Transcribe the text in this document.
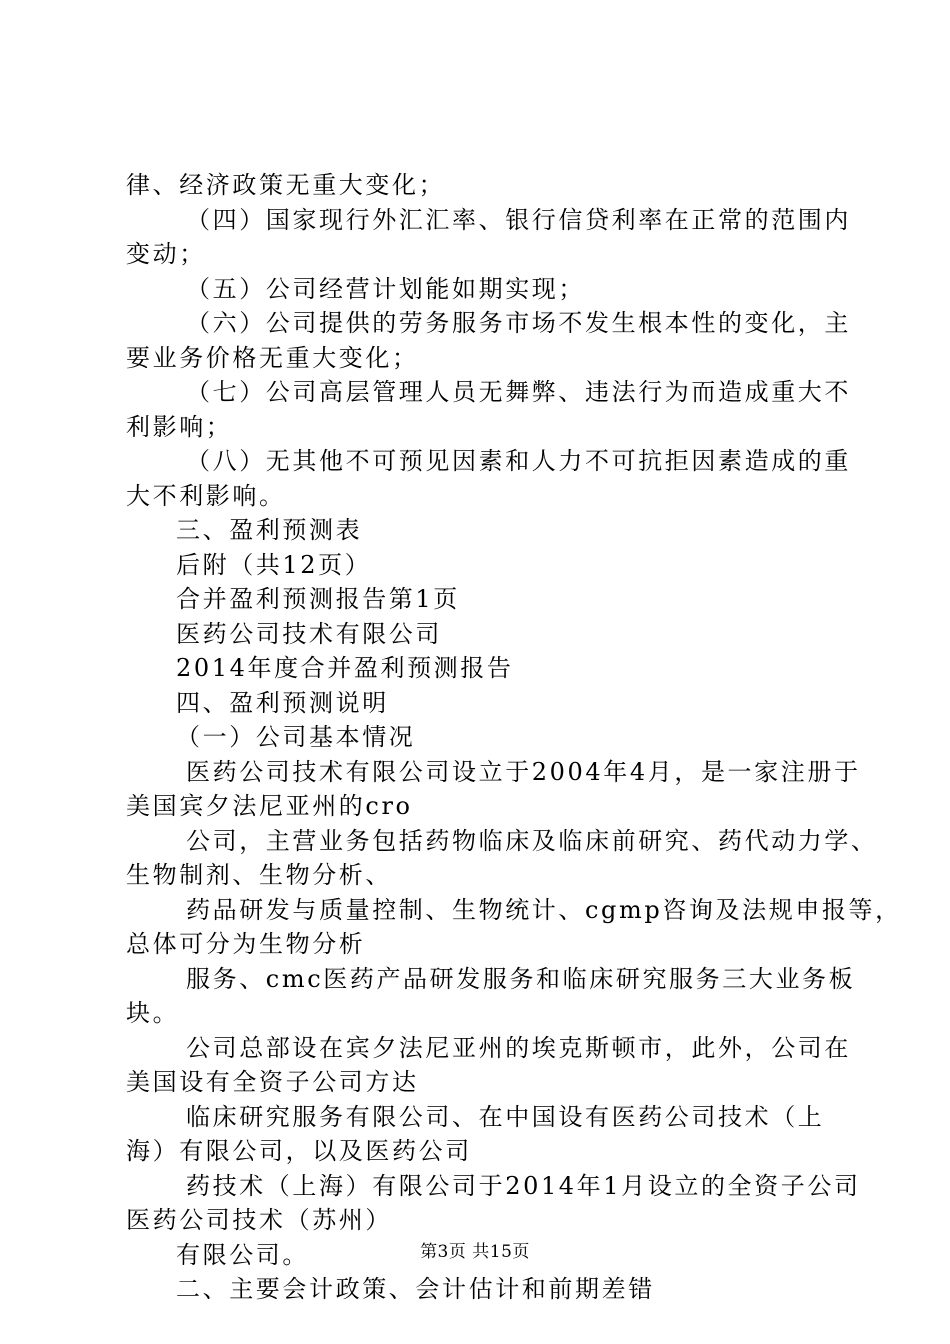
律、经济政策无重大变化；
（四）国家现行外汇汇率、银行信贷利率在正常的范围内
变动；
（五）公司经营计划能如期实现；
（六）公司提供的劳务服务市场不发生根本性的变化，主
要业务价格无重大变化；
（七）公司高层管理人员无舞弊、违法行为而造成重大不
利影响；
（八）无其他不可预见因素和人力不可抗拒因素造成的重
大不利影响。
三、盈利预测表
后附（共12页）
合并盈利预测报告第1页
医药公司技术有限公司
2014年度合并盈利预测报告
四、盈利预测说明
（一）公司基本情况
医药公司技术有限公司设立于2004年4月，是一家注册于
美国宾夕法尼亚州的cro
公司，主营业务包括药物临床及临床前研究、药代动力学、
生物制剂、生物分析、
药品研发与质量控制、生物统计、cgmp咨询及法规申报等，
总体可分为生物分析
服务、cmc医药产品研发服务和临床研究服务三大业务板
块。
公司总部设在宾夕法尼亚州的埃克斯顿市，此外，公司在
美国设有全资子公司方达
临床研究服务有限公司、在中国设有医药公司技术（上
海）有限公司，以及医药公司
药技术（上海）有限公司于2014年1月设立的全资子公司
医药公司技术（苏州）
有限公司。
二、主要会计政策、会计估计和前期差错
第3页 共15页
